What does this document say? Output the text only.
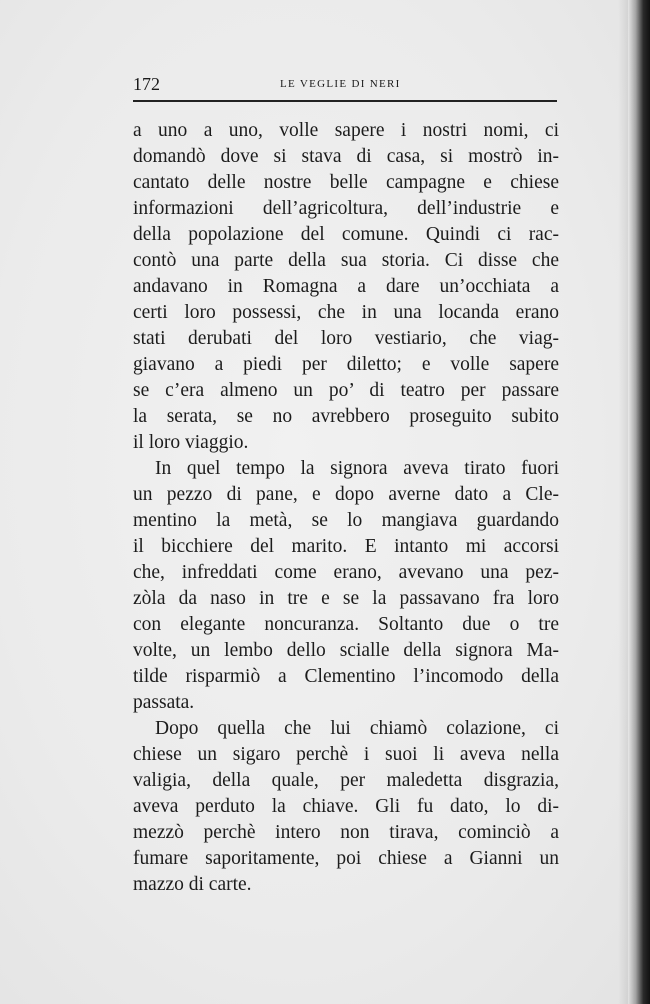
172	LE VEGLIE DI NERI
a uno a uno, volle sapere i nostri nomi, ci
domandò dove si stava di casa, si mostrò in-
cantato delle nostre belle campagne e chiese
informazioni dell’agricoltura, dell’industrie e
della popolazione del comune. Quindi ci rac-
contò una parte della sua storia. Ci disse che
andavano in Romagna a dare un’occhiata a
certi loro possessi, che in una locanda erano
stati derubati del loro vestiario, che viag-
giavano a piedi per diletto; e volle sapere
se c’era almeno un po’ di teatro per passare
la serata, se no avrebbero proseguito subito
il loro viaggio.
In quel tempo la signora aveva tirato fuori
un pezzo di pane, e dopo averne dato a Cle-
mentino la metà, se lo mangiava guardando
il bicchiere del marito. E intanto mi accorsi
che, infreddati come erano, avevano una pez-
zòla da naso in tre e se la passavano fra loro
con elegante noncuranza. Soltanto due o tre
volte, un lembo dello scialle della signora Ma-
tilde risparmiò a Clementino l’incomodo della
passata.
Dopo quella che lui chiamò colazione, ci
chiese un sigaro perchè i suoi li aveva nella
valigia, della quale, per maledetta disgrazia,
aveva perduto la chiave. Gli fu dato, lo di-
mezzò perchè intero non tirava, cominciò a
fumare saporitamente, poi chiese a Gianni un
mazzo di carte.
